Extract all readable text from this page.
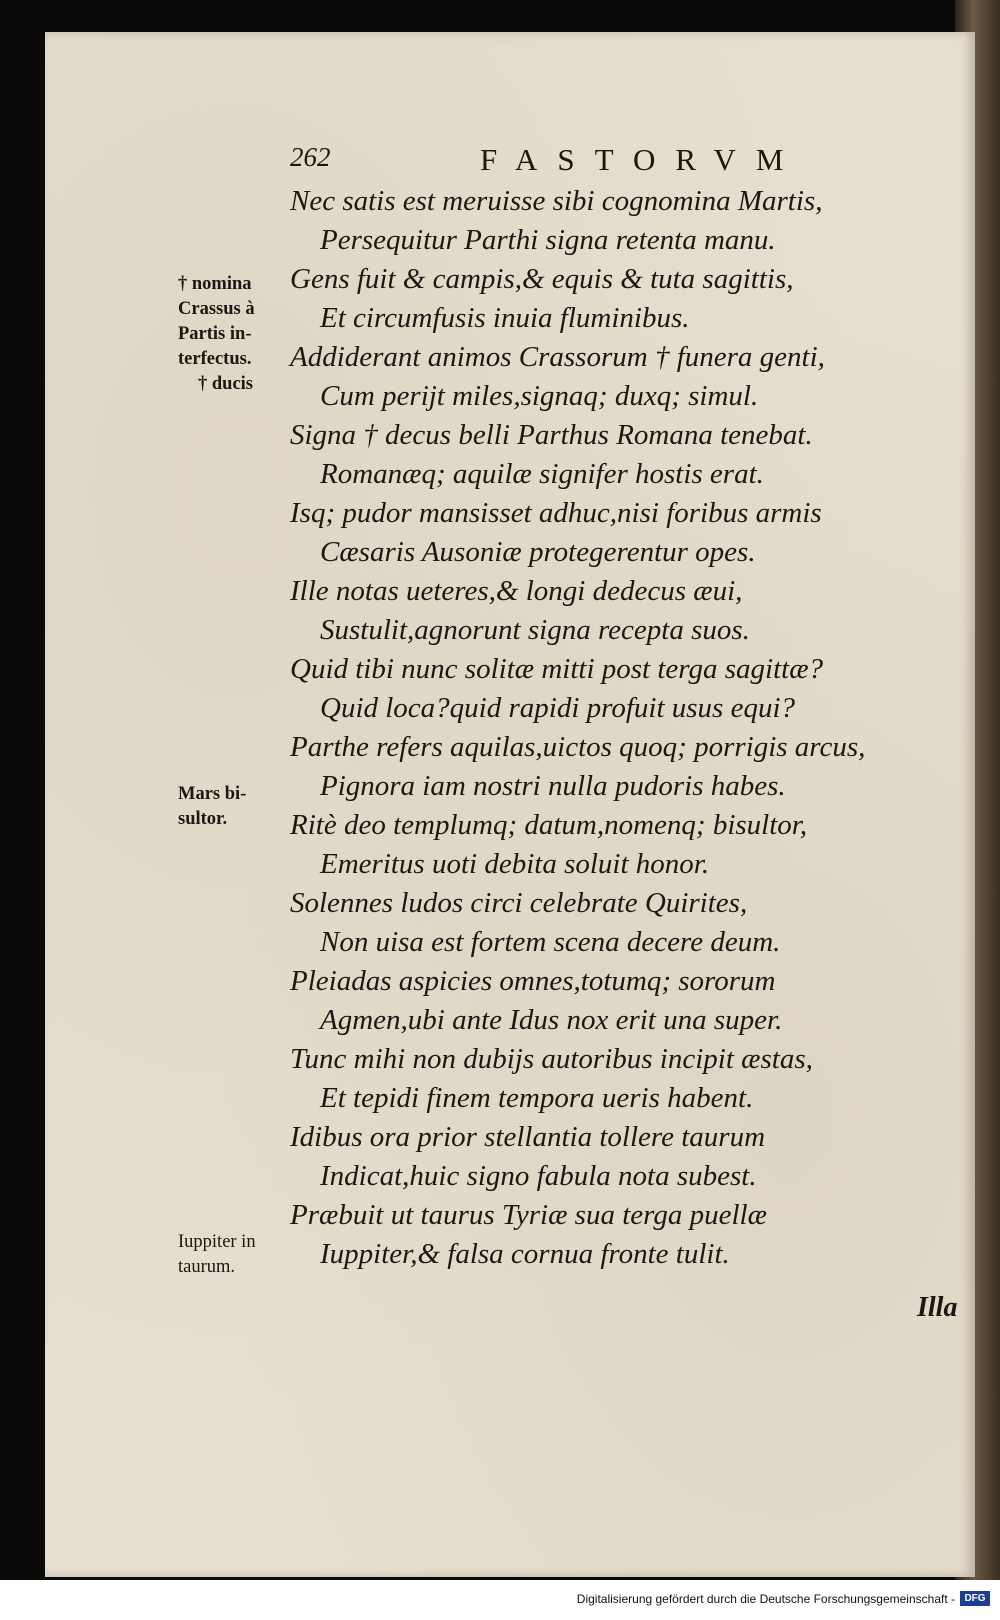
262	FASTORVM
Nec satis est meruisse sibi cognomina Martis,
Persequitur Parthi signa retenta manu.
Gens fuit & campis,& equis & tuta sagittis,
Et circumfusis inuia fluminibus.
Addiderant animos Crassorum † funera genti,
Cum perijt miles,signaq; duxq; simul.
Signa † decus belli Parthus Romana tenebat.
Romanæq; aquilæ signifer hostis erat.
Isq; pudor mansisset adhuc,nisi foribus armis
Cæsaris Ausoniæ protegerentur opes.
Ille notas ueteres,& longi dedecus æui,
Sustulit,agnorunt signa recepta suos.
Quid tibi nunc solitæ mitti post terga sagittæ?
Quid loca?quid rapidi profuit usus equi?
Parthe refers aquilas,uictos quoq; porrigis arcus,
Pignora iam nostri nulla pudoris habes.
Ritè deo templumq; datum,nomenq; bisultor,
Emeritus uoti debita soluit honor.
Solennes ludos circi celebrate Quirites,
Non uisa est fortem scena decere deum.
Pleiadas aspicies omnes,totumq; sororum
Agmen,ubi ante Idus nox erit una super.
Tunc mihi non dubijs autoribus incipit æstas,
Et tepidi finem tempora ueris habent.
Idibus ora prior stellantia tollere taurum
Indicat,huic signo fabula nota subest.
Præbuit ut taurus Tyriæ sua terga puellæ
Iuppiter,& falsa cornua fronte tulit.
† nomina
Crassus à
Partis in-
terfectus.
† ducis
Mars bi-
sultor.
Iuppiter in
taurum.
Illa
Digitalisierung gefördert durch die Deutsche Forschungsgemeinschaft - DFG
